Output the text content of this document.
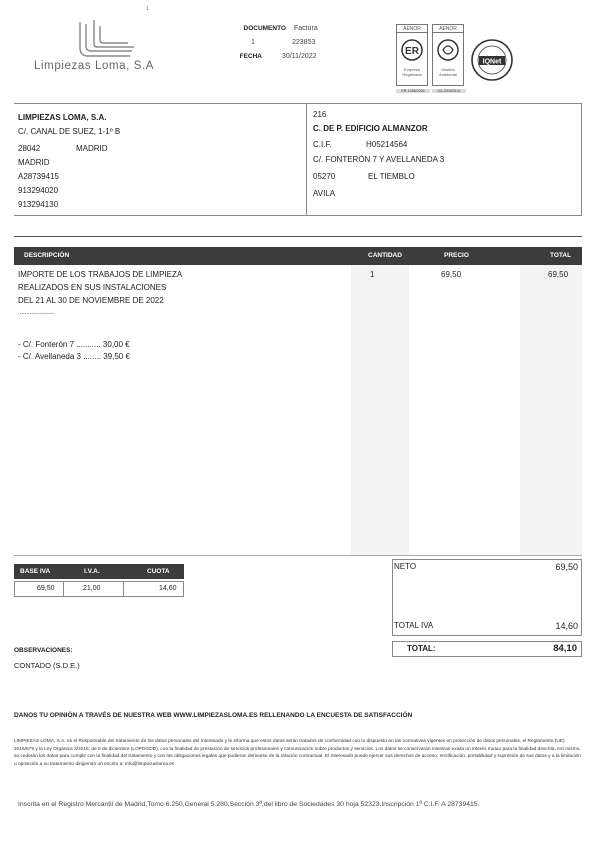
1
Limpiezas Loma, S.A
DOCUMENTO Factura
1	223853
FECHA	30/11/2022
AENOR
ER
Empresa Registrada
ER-1456/2004
AENOR
Gestión Ambiental
GA-2004/0101
IQNet
LIMPIEZAS LOMA, S.A.
C/. CANAL DE SUEZ, 1-1º B
28042	MADRID
MADRID
A28739415
913294020
913294130
216
C. DE P. EDIFICIO ALMANZOR
C.I.F.	H05214564
C/. FONTERÓN 7 Y AVELLANEDA 3
05270	EL TIEMBLO
AVILA
DESCRIPCIÓN	CANTIDAD	PRECIO	TOTAL
IMPORTE DE LOS TRABAJOS DE LIMPIEZA
REALIZADOS EN SUS INSTALACIONES
DEL 21 AL 30 DE NOVIEMBRE DE 2022
......................
1	69,50	69,50
- C/. Fonterón 7 ........... 30,00 €
- C/. Avellaneda 3 ........ 39,50 €
BASE IVA	I.V.A.	CUOTA
69,50	21,00	14,60
NETO	69,50
TOTAL IVA	14,60
TOTAL:	84,10
OBSERVACIONES:
CONTADO (S.D.E.)
DANOS TU OPINIÓN A TRAVÉS DE NUESTRA WEB WWW.LIMPIEZASLOMA.ES RELLENANDO LA ENCUESTA DE SATISFACCIÓN
LIMPIEZAS LOMA, S.A. es el Responsable del tratamiento de los datos personales del Interesado y le informa que estos datos serán tratados de conformidad con lo dispuesto en las normativas vigentes en protección de datos personales, el Reglamento (UE) 2016/679 y la Ley Orgánica 3/2018, de 5 de diciembre (LOPDGDD), con la finalidad de prestación de servicios profesionales y comunicación sobre productos y servicios. Los datos se conservarán mientras exista un interés mutuo para la finalidad descrita. Así mismo, se cederán los datos para cumplir con la finalidad del tratamiento y con las obligaciones legales que pudieran derivarse de la relación contractual. El Interesado puede ejercer sus derechos de acceso, rectificación, portabilidad y supresión de sus datos y a la limitación u oposición a su tratamiento dirigiendo un escrito a: info@limpiezasloma.es
Inscrita en el Registro Mercantil de Madrid,Tomo 6.250,General 5.280,Sección 3ª,del libro de Sociedades 30 hoja 52323,Inscripción 1ª C.I.F. A 28739415.
